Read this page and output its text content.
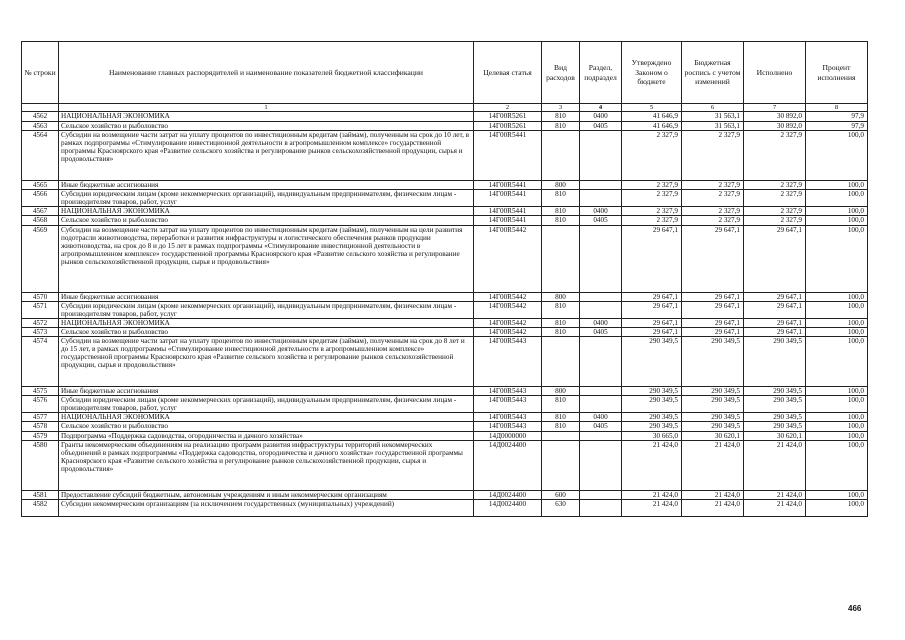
№ строки	Наименование главных распорядителей и наименование показателей бюджетной классификации	Целевая статья	Вид расходов	Раздел, подраздел	Утверждено Законом о бюджете	Бюджетная роспись с учетом изменений	Исполнено	Процент исполнения
	1	2	3	4	5	6	7	8
4562	НАЦИОНАЛЬНАЯ ЭКОНОМИКА	14Г00R5261	810	0400	41 646,9	31 563,1	30 892,0	97,9
4563	Сельское хозяйство и рыболовство	14Г00R5261	810	0405	41 646,9	31 563,1	30 892,0	97,9
4564	Субсидии на возмещение части затрат на уплату процентов по инвестиционным кредитам (займам), полученным на срок до 10 лет, в рамках подпрограммы «Стимулирование инвестиционной деятельности в агропромышленном комплексе» государственной программы Красноярского края «Развитие сельского хозяйства и регулирование рынков сельскохозяйственной продукции, сырья и продовольствия»	14Г00R5441			2 327,9	2 327,9	2 327,9	100,0
4565	Иные бюджетные ассигнования	14Г00R5441	800		2 327,9	2 327,9	2 327,9	100,0
4566	Субсидии юридическим лицам (кроме некоммерческих организаций), индивидуальным предпринимателям, физическим лицам - производителям товаров, работ, услуг	14Г00R5441	810		2 327,9	2 327,9	2 327,9	100,0
4567	НАЦИОНАЛЬНАЯ ЭКОНОМИКА	14Г00R5441	810	0400	2 327,9	2 327,9	2 327,9	100,0
4568	Сельское хозяйство и рыболовство	14Г00R5441	810	0405	2 327,9	2 327,9	2 327,9	100,0
4569	Субсидии на возмещение части затрат на уплату процентов по инвестиционным кредитам (займам), полученным на цели развития подотрасли животноводства, переработки и развития инфраструктуры и логистического обеспечения рынков продукции животноводства, на срок до 8 и до 15 лет в рамках подпрограммы «Стимулирование инвестиционной деятельности в агропромышленном комплексе» государственной программы Красноярского края «Развитие сельского хозяйства и регулирование рынков сельскохозяйственной продукции, сырья и продовольствия»	14Г00R5442			29 647,1	29 647,1	29 647,1	100,0
4570	Иные бюджетные ассигнования	14Г00R5442	800		29 647,1	29 647,1	29 647,1	100,0
4571	Субсидии юридическим лицам (кроме некоммерческих организаций), индивидуальным предпринимателям, физическим лицам - производителям товаров, работ, услуг	14Г00R5442	810		29 647,1	29 647,1	29 647,1	100,0
4572	НАЦИОНАЛЬНАЯ ЭКОНОМИКА	14Г00R5442	810	0400	29 647,1	29 647,1	29 647,1	100,0
4573	Сельское хозяйство и рыболовство	14Г00R5442	810	0405	29 647,1	29 647,1	29 647,1	100,0
4574	Субсидии на возмещение части затрат на уплату процентов по инвестиционным кредитам (займам), полученным на срок до 8 лет и до 15 лет, в рамках подпрограммы «Стимулирование инвестиционной деятельности в агропромышленном комплексе» государственной программы Красноярского края «Развитие сельского хозяйства и регулирование рынков сельскохозяйственной продукции, сырья и продовольствия»	14Г00R5443			290 349,5	290 349,5	290 349,5	100,0
4575	Иные бюджетные ассигнования	14Г00R5443	800		290 349,5	290 349,5	290 349,5	100,0
4576	Субсидии юридическим лицам (кроме некоммерческих организаций), индивидуальным предпринимателям, физическим лицам - производителям товаров, работ, услуг	14Г00R5443	810		290 349,5	290 349,5	290 349,5	100,0
4577	НАЦИОНАЛЬНАЯ ЭКОНОМИКА	14Г00R5443	810	0400	290 349,5	290 349,5	290 349,5	100,0
4578	Сельское хозяйство и рыболовство	14Г00R5443	810	0405	290 349,5	290 349,5	290 349,5	100,0
4579	Подпрограмма «Поддержка садоводства, огородничества и дачного хозяйства»	14Д0000000			30 665,0	30 620,1	30 620,1	100,0
4580	Гранты некоммерческим объединениям на реализацию программ развития инфраструктуры территорий некоммерческих объединений в рамках подпрограммы «Поддержка садоводства, огородничества и дачного хозяйства» государственной программы Красноярского края «Развитие сельского хозяйства и регулирование рынков сельскохозяйственной продукции, сырья и продовольствия»	14Д0024400			21 424,0	21 424,0	21 424,0	100,0
4581	Предоставление субсидий бюджетным, автономным учреждениям и иным некоммерческим организациям	14Д0024400	600		21 424,0	21 424,0	21 424,0	100,0
4582	Субсидии некоммерческим организациям (за исключением государственных (муниципальных) учреждений)	14Д0024400	630		21 424,0	21 424,0	21 424,0	100,0
466
